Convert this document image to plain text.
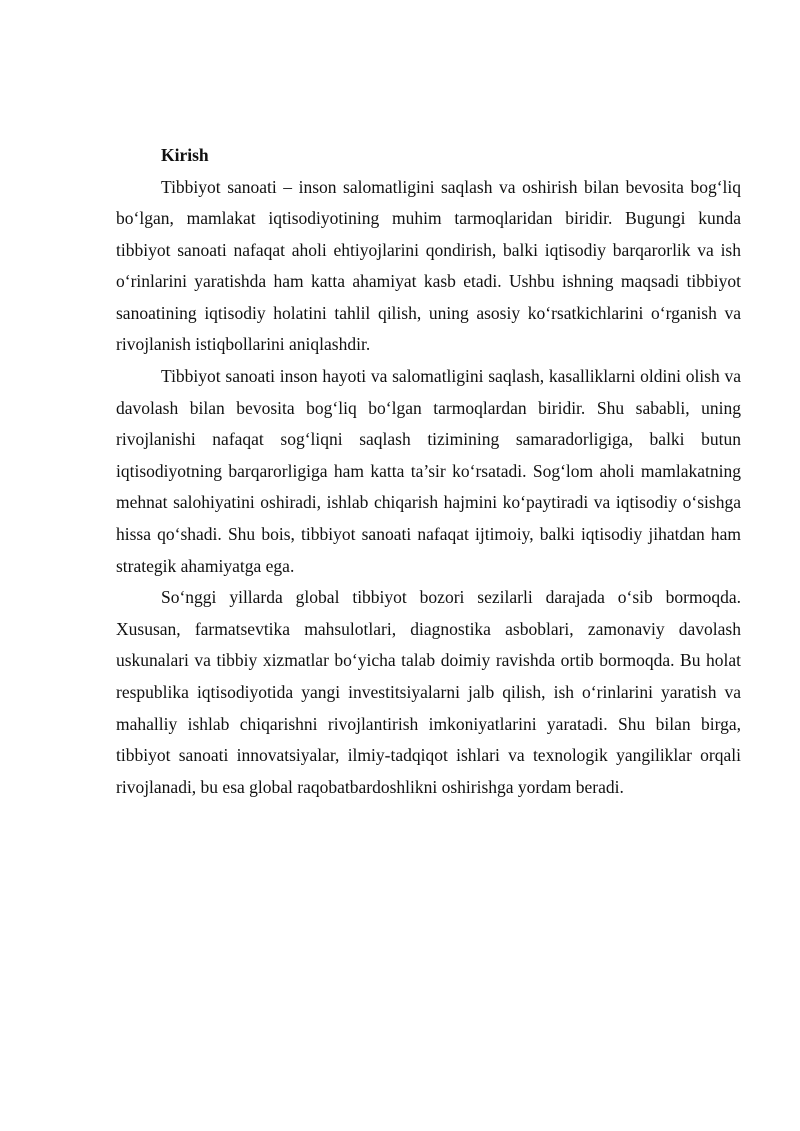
Kirish

Tibbiyot sanoati – inson salomatligini saqlash va oshirish bilan bevosita bog‘liq bo‘lgan, mamlakat iqtisodiyotining muhim tarmoqlaridan biridir. Bugungi kunda tibbiyot sanoati nafaqat aholi ehtiyojlarini qondirish, balki iqtisodiy barqarorlik va ish o‘rinlarini yaratishda ham katta ahamiyat kasb etadi. Ushbu ishning maqsadi tibbiyot sanoatining iqtisodiy holatini tahlil qilish, uning asosiy ko‘rsatkichlarini o‘rganish va rivojlanish istiqbollarini aniqlashdir.

Tibbiyot sanoati inson hayoti va salomatligini saqlash, kasalliklarni oldini olish va davolash bilan bevosita bog‘liq bo‘lgan tarmoqlardan biridir. Shu sababli, uning rivojlanishi nafaqat sog‘liqni saqlash tizimining samaradorligiga, balki butun iqtisodiyotning barqarorligiga ham katta ta’sir ko‘rsatadi. Sog‘lom aholi mamlakatning mehnat salohiyatini oshiradi, ishlab chiqarish hajmini ko‘paytiradi va iqtisodiy o‘sishga hissa qo‘shadi. Shu bois, tibbiyot sanoati nafaqat ijtimoiy, balki iqtisodiy jihatdan ham strategik ahamiyatga ega.

So‘nggi yillarda global tibbiyot bozori sezilarli darajada o‘sib bormoqda. Xususan, farmatsevtika mahsulotlari, diagnostika asboblari, zamonaviy davolash uskunalari va tibbiy xizmatlar bo‘yicha talab doimiy ravishda ortib bormoqda. Bu holat respublika iqtisodiyotida yangi investitsiyalarni jalb qilish, ish o‘rinlarini yaratish va mahalliy ishlab chiqarishni rivojlantirish imkoniyatlarini yaratadi. Shu bilan birga, tibbiyot sanoati innovatsiyalar, ilmiy-tadqiqot ishlari va texnologik yangiliklar orqali rivojlanadi, bu esa global raqobatbardoshlikni oshirishga yordam beradi.
